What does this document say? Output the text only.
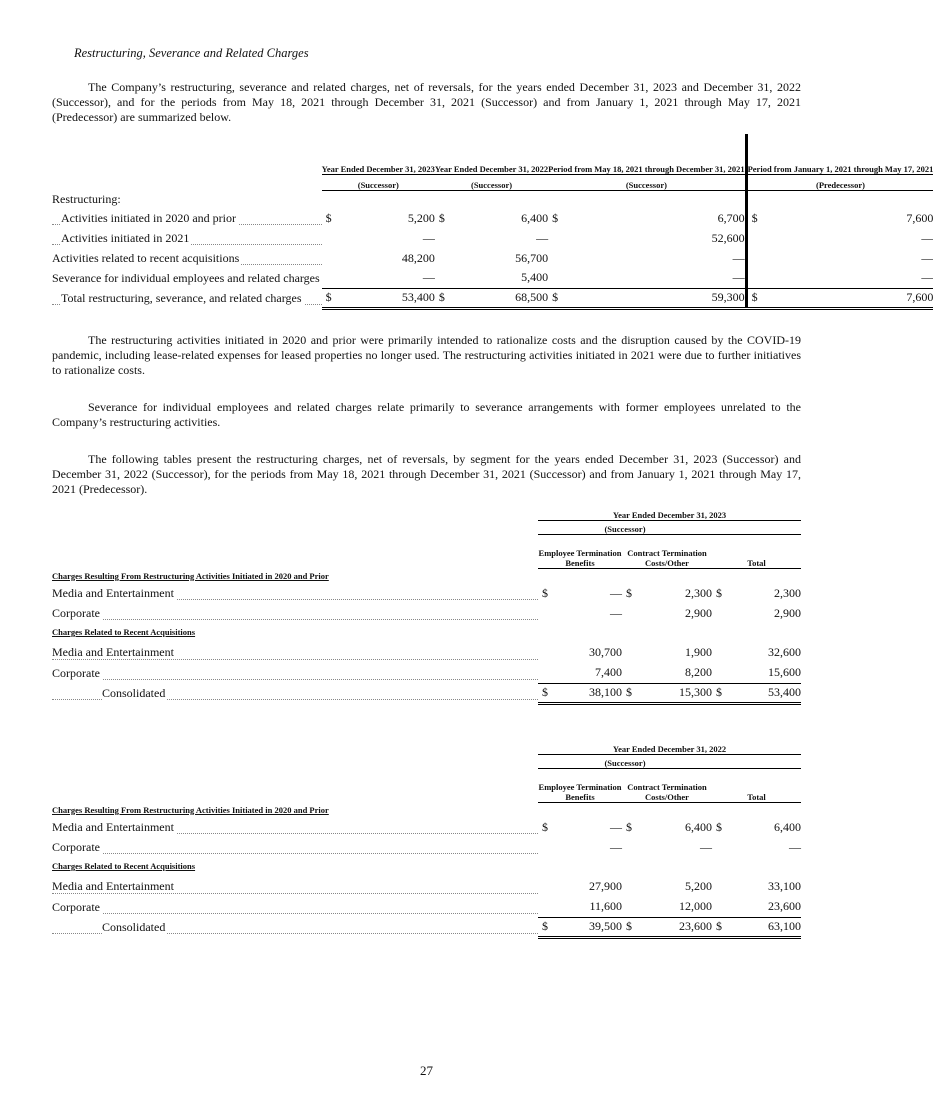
Restructuring, Severance and Related Charges
The Company’s restructuring, severance and related charges, net of reversals, for the years ended December 31, 2023 and December 31, 2022 (Successor), and for the periods from May 18, 2021 through December 31, 2021 (Successor) and from January 1, 2021 through May 17, 2021 (Predecessor) are summarized below.
	Year Ended December 31, 2023		Year Ended December 31, 2022		Period from May 18, 2021 through December 31, 2021		Period from January 1, 2021 through May 17, 2021	
	(Successor)		(Successor)		(Successor)		(Predecessor)	
Restructuring:								
Activities initiated in 2020 and prior	$	5,200	$	6,400	$	6,700	$	7,600
Activities initiated in 2021		—		—		52,600		—
Activities related to recent acquisitions		48,200		56,700		—		—
Severance for individual employees and related charges		—		5,400		—		—
Total restructuring, severance, and related charges	$	53,400	$	68,500	$	59,300	$	7,600
The restructuring activities initiated in 2020 and prior were primarily intended to rationalize costs and the disruption caused by the COVID-19 pandemic, including lease-related expenses for leased properties no longer used. The restructuring activities initiated in 2021 were due to further initiatives to rationalize costs.
Severance for individual employees and related charges relate primarily to severance arrangements with former employees unrelated to the Company’s restructuring activities.
The following tables present the restructuring charges, net of reversals, by segment for the years ended December 31, 2023 (Successor) and December 31, 2022 (Successor), for the periods from May 18, 2021 through December 31, 2021 (Successor) and from January 1, 2021 through May 17, 2021 (Predecessor).
	Year Ended December 31, 2023					
	(Successor)					
	Employee Termination Benefits		Contract Termination Costs/Other		Total	
Charges Resulting From Restructuring Activities Initiated in 2020 and Prior						
Media and Entertainment	$	—	$	2,300	$	2,300
Corporate		—		2,900		2,900
Charges Related to Recent Acquisitions						
Media and Entertainment		30,700		1,900		32,600
Corporate		7,400		8,200		15,600
Consolidated	$	38,100	$	15,300	$	53,400
	Year Ended December 31, 2022					
	(Successor)					
	Employee Termination Benefits		Contract Termination Costs/Other		Total	
Charges Resulting From Restructuring Activities Initiated in 2020 and Prior						
Media and Entertainment	$	—	$	6,400	$	6,400
Corporate		—		—		—
Charges Related to Recent Acquisitions						
Media and Entertainment		27,900		5,200		33,100
Corporate		11,600		12,000		23,600
Consolidated	$	39,500	$	23,600	$	63,100
27
